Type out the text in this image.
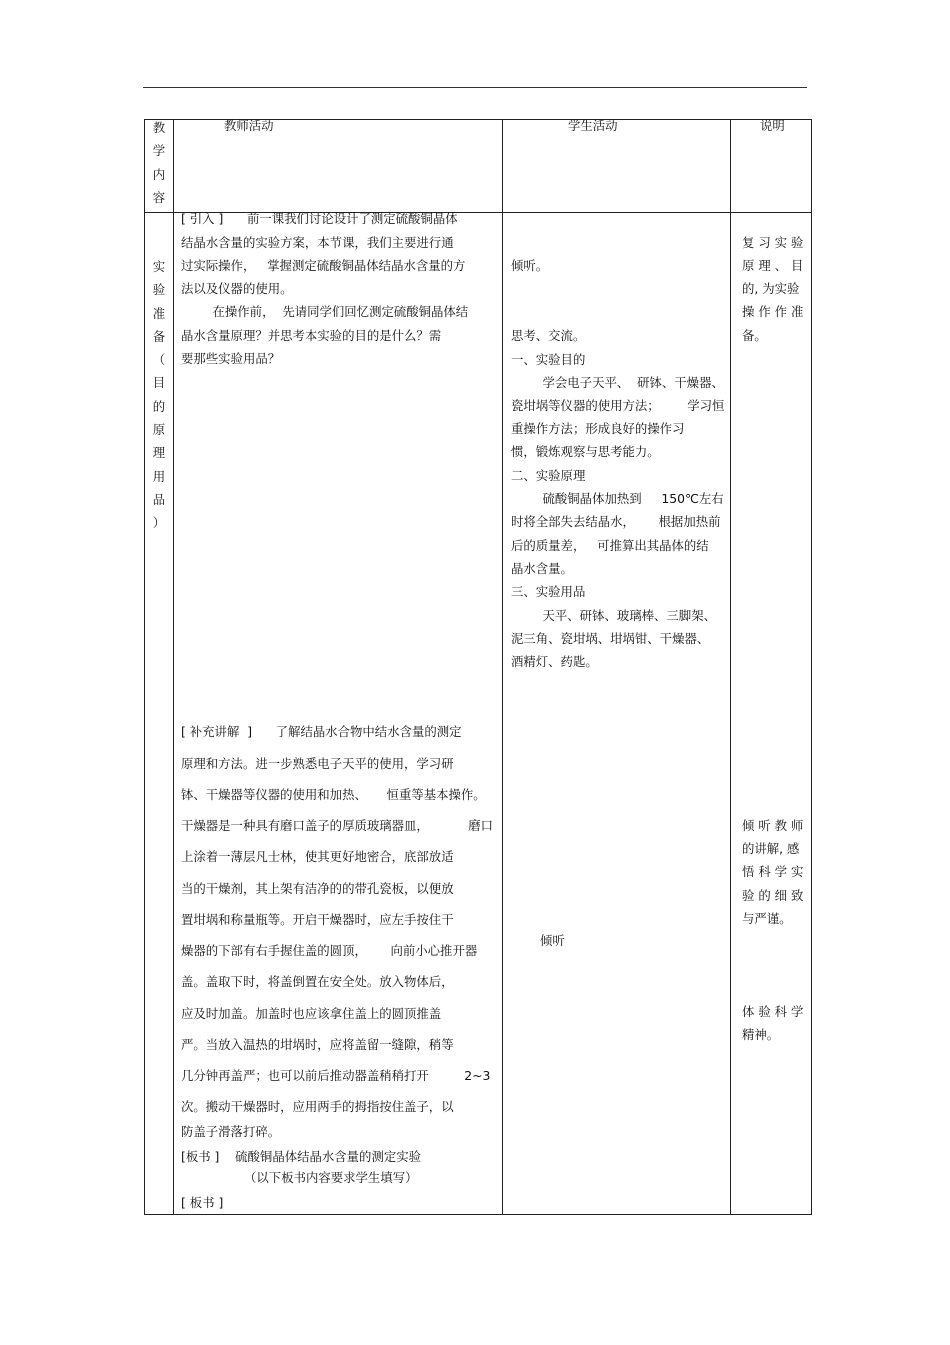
教
学
内
容
教师活动	学生活动	说明
实
验
准
备
（
目
的
原
理
用
品
）
[ 引入 ]      前一课我们讨论设计了测定硫酸铜晶体
结晶水含量的实验方案，本节课，我们主要进行通
过实际操作，   掌握测定硫酸铜晶体结晶水含量的方
法以及仪器的使用。
在操作前，  先请同学们回忆测定硫酸铜晶体结
晶水含量原理？并思考本实验的目的是什么？需
要那些实验用品？
[ 补充讲解  ]      了解结晶水合物中结水含量的测定
原理和方法。进一步熟悉电子天平的使用，学习研
钵、干燥器等仪器的使用和加热、     恒重等基本操作。
干燥器是一种具有磨口盖子的厚质玻璃器皿，          磨口
上涂着一薄层凡士林，使其更好地密合，底部放适
当的干燥剂，其上架有洁净的的带孔瓷板，以便放
置坩埚和称量瓶等。开启干燥器时，应左手按住干
燥器的下部有右手握住盖的圆顶，      向前小心推开器
盖。盖取下时，将盖倒置在安全处。放入物体后，
应及时加盖。加盖时也应该拿住盖上的圆顶推盖
严。当放入温热的坩埚时，应将盖留一缝隙，稍等
几分钟再盖严；也可以前后推动器盖稍稍打开         2~3
次。搬动干燥器时，应用两手的拇指按住盖子，以
防盖子滑落打碎。
[板书 ]    硫酸铜晶体结晶水含量的测定实验
（以下板书内容要求学生填写）
[ 板书 ]
倾听。
思考、交流。
一、实验目的
学会电子天平、  研钵、干燥器、
瓷坩埚等仪器的使用方法；       学习恒
重操作方法；形成良好的操作习
惯，锻炼观察与思考能力。
二、实验原理
硫酸铜晶体加热到     150℃左右
时将全部失去结晶水，      根据加热前
后的质量差，   可推算出其晶体的结
晶水含量。
三、实验用品
天平、研钵、玻璃棒、三脚架、
泥三角、瓷坩埚、坩埚钳、干燥器、
酒精灯、药匙。
倾听
复 习 实 验
原 理 、 目
的, 为实验
操 作 作 准
备。
倾 听 教 师
的讲解, 感
悟 科 学 实
验 的 细 致
与严谨。
体 验 科 学
精神。
